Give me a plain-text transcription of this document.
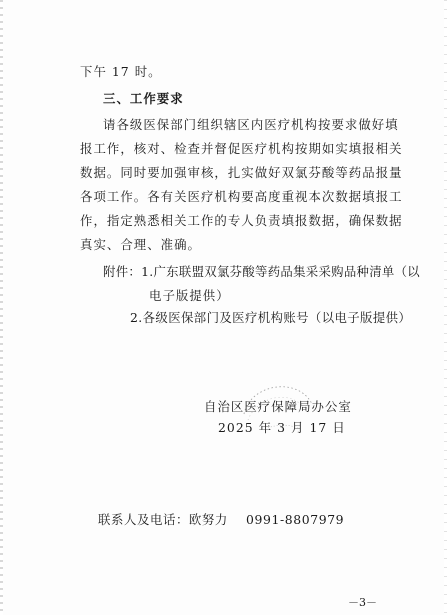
下午 17 时。
三、工作要求
请各级医保部门组织辖区内医疗机构按要求做好填
报工作，核对、检查并督促医疗机构按期如实填报相关
数据。同时要加强审核，扎实做好双氯芬酸等药品报量
各项工作。各有关医疗机构要高度重视本次数据填报工
作，指定熟悉相关工作的专人负责填报数据，确保数据
真实、合理、准确。
附件：1.广东联盟双氯芬酸等药品集采采购品种清单（以
电子版提供）
2.各级医保部门及医疗机构账号（以电子版提供）
自治区医疗保障局办公室
2025 年 3 月 17 日
联系人及电话：欧努力    0991-8807979
－3－
